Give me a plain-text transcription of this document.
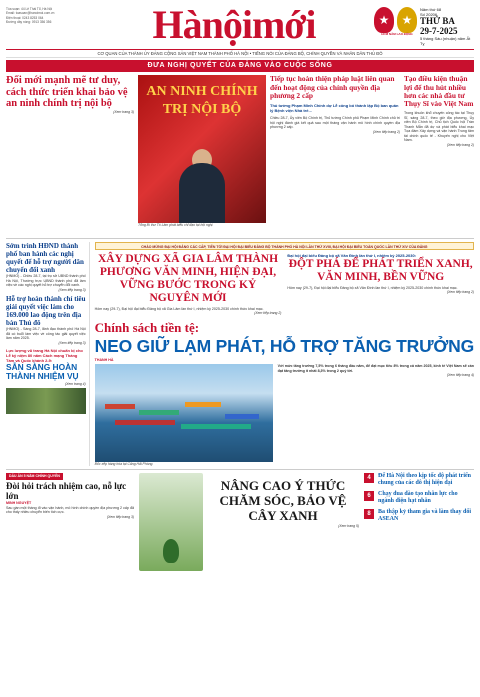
Tòa soạn: 44 Lê Thái Tổ, Hà Nội
Email: toasoan@hanoimoi.com.vn
Điện thoại: 0243 8253 064
Đường dây nóng: 0913 356 356	Hànộimới	★	★
HCM NĂM LAO ĐỘNG
Năm thứ 68
Số 20206
THỨ BA
29-7-2025
5 tháng Sáu (nhuận) năm Ất Tỵ
CƠ QUAN CỦA THÀNH ỦY ĐẢNG CỘNG SẢN VIỆT NAM THÀNH PHỐ HÀ NỘI • TIẾNG NÓI CỦA ĐẢNG BỘ, CHÍNH QUYỀN VÀ NHÂN DÂN THỦ ĐÔ
ĐƯA NGHỊ QUYẾT CỦA ĐẢNG VÀO CUỘC SỐNG
Đổi mới mạnh mẽ tư duy, cách thức triển khai bảo vệ an ninh chính trị nội bộ
(Xem trang 3)
AN NINH CHÍNH TRỊ NỘI BỘ
Tổng Bí thư Tô Lâm phát biểu chỉ đạo tại hội nghị.
Tiếp tục hoàn thiện pháp luật liên quan đến hoạt động của chính quyền địa phương 2 cấp
Thủ tướng Phạm Minh Chính dự Lễ công bố thành lập Bộ ban quản lý Bệnh viện Nhà trẻ...
Chiều 28-7, Ủy viên Bộ Chính trị, Thủ tướng Chính phủ Phạm Minh Chính chủ trì hội nghị đánh giá kết quả sau một tháng vận hành mô hình chính quyền địa phương 2 cấp.
(Xem tiếp trang 2)
Tạo điều kiện thuận lợi để thu hút nhiều hơn các nhà đầu tư Thụy Sĩ vào Việt Nam
Trong khuôn khổ chuyến công tác tại Thụy Sĩ, sáng 28-7, theo giờ địa phương, Ủy viên Bộ Chính trị, Chủ tịch Quốc hội Trần Thanh Mẫn đã dự và phát biểu khai mạc Tọa đàm Xây dựng và vận hành Trung tâm tài chính quốc tế - Khuyến nghị cho Việt Nam.
(Xem tiếp trang 2)
Sớm trình HĐND thành phố ban hành các nghị quyết để hỗ trợ người dân chuyển đổi xanh
(HNMO) - Chiều 28-7, tại trụ sở UBND thành phố Hà Nội, Thường trực UBND thành phố đã làm việc về các nghị quyết hỗ trợ chuyển đổi xanh.
(Xem tiếp trang 3)
Hỗ trợ hoàn thành chỉ tiêu giải quyết việc làm cho 169.000 lao động trên địa bàn Thủ đô
(HNMO) - Sáng 28-7, lãnh đạo thành phố Hà Nội đã có buổi làm việc về công tác giải quyết việc làm năm 2025.
(Xem tiếp trang 3)
Lực lượng vũ trang Hà Nội chuẩn bị cho Lễ kỷ niệm 80 năm Cách mạng Tháng Tám và Quốc khánh 2-9:
SẴN SÀNG HOÀN THÀNH NHIỆM VỤ
(Xem trang 4)
CHÀO MỪNG ĐẠI HỘI ĐẢNG CÁC CẤP, TIẾN TỚI ĐẠI HỘI ĐẠI BIỂU ĐẢNG BỘ THÀNH PHỐ HÀ NỘI LẦN THỨ XVIII, ĐẠI HỘI ĐẠI BIỂU TOÀN QUỐC LẦN THỨ XIV CỦA ĐẢNG
XÂY DỰNG XÃ GIA LÂM THÀNH PHƯƠNG VĂN MINH, HIỆN ĐẠI, VỮNG BƯỚC TRONG KỶ NGUYÊN MỚI
Hôm nay (29-7), Đại hội đại biểu Đảng bộ xã Gia Lâm lần thứ I, nhiệm kỳ 2025-2030 chính thức khai mạc.
(Xem tiếp trang 2)
Đại hội đại biểu Đảng bộ xã Văn Đình lần thứ I, nhiệm kỳ 2025-2030:
ĐỘT PHÁ ĐỂ PHÁT TRIỂN XANH, VĂN MINH, BỀN VỮNG
Hôm nay (29-7), Đại hội đại biểu Đảng bộ xã Văn Đình lần thứ I, nhiệm kỳ 2025-2030 chính thức khai mạc.
(Xem tiếp trang 2)
Chính sách tiền tệ:
NEO GIỮ LẠM PHÁT, HỖ TRỢ TĂNG TRƯỞNG
THANH HÀ
Với mức tăng trưởng 7,5% trong 6 tháng đầu năm, để đạt mục tiêu 8% trong cả năm 2025, kinh tế Việt Nam sẽ cần đạt tăng trưởng ít nhất 8,3% trong 2 quý tới.
(Xem tiếp trang 4)
Bốc xếp hàng hóa tại Cảng Hải Phòng.
DẤU ẤN 5 NĂM CHÍNH QUYỀN
Đòi hỏi trách nhiệm cao, nỗ lực lớn
MINH NGUYỆT
Sau gần một tháng đi vào vận hành, mô hình chính quyền địa phương 2 cấp đã cho thấy nhiều chuyển biến tích cực.
(Xem tiếp trang 3)
NÂNG CAO Ý THỨC CHĂM SÓC, BẢO VỆ CÂY XANH
(Xem trang 5)
4	Để Hà Nội theo kịp tốc độ phát triển chung của các đô thị hiện đại
6	Chạy đua đào tạo nhân lực cho ngành điện hạt nhân
8	Ba thập kỷ tham gia và làm thay đổi ASEAN
